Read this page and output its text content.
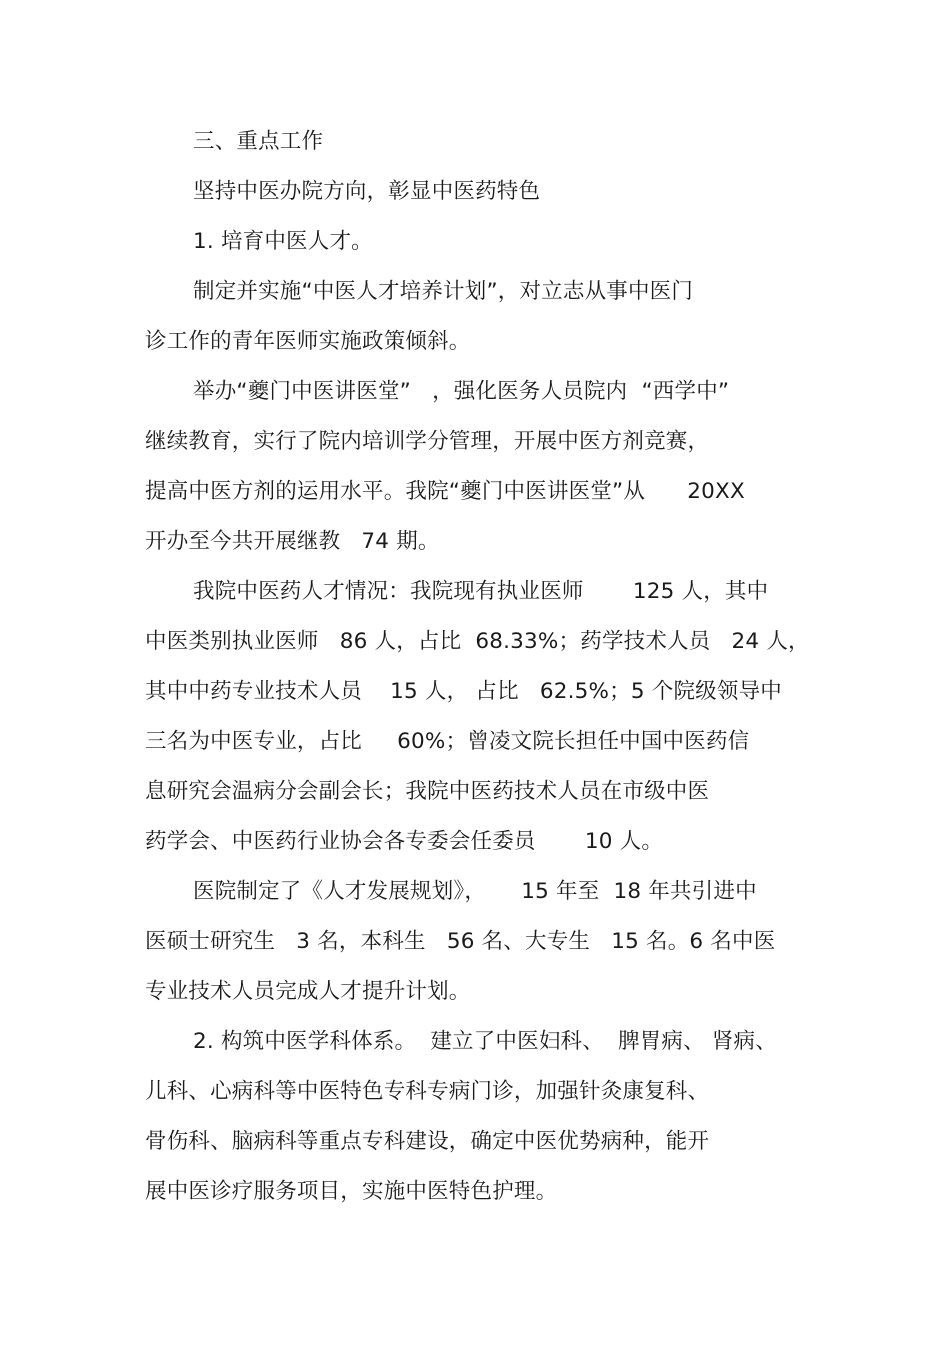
三、重点工作
坚持中医办院方向，彰显中医药特色
1. 培育中医人才。
制定并实施“中医人才培养计划”，对立志从事中医门
诊工作的青年医师实施政策倾斜。
举办“夔门中医讲医堂”   ，强化医务人员院内  “西学中”
继续教育，实行了院内培训学分管理，开展中医方剂竞赛，
提高中医方剂的运用水平。我院“夔门中医讲医堂”从      20XX
开办至今共开展继教   74 期。
我院中医药人才情况：我院现有执业医师       125 人，其中
中医类别执业医师   86 人，占比  68.33%；药学技术人员   24 人，
其中中药专业技术人员    15 人， 占比   62.5%；5 个院级领导中
三名为中医专业，占比     60%；曾凌文院长担任中国中医药信
息研究会温病分会副会长；我院中医药技术人员在市级中医
药学会、中医药行业协会各专委会任委员       10 人。
医院制定了《人才发展规划》，     15 年至  18 年共引进中
医硕士研究生   3 名，本科生   56 名、大专生   15 名。6 名中医
专业技术人员完成人才提升计划。
2. 构筑中医学科体系。  建立了中医妇科、  脾胃病、 肾病、
儿科、心病科等中医特色专科专病门诊，加强针灸康复科、
骨伤科、脑病科等重点专科建设，确定中医优势病种，能开
展中医诊疗服务项目，实施中医特色护理。
